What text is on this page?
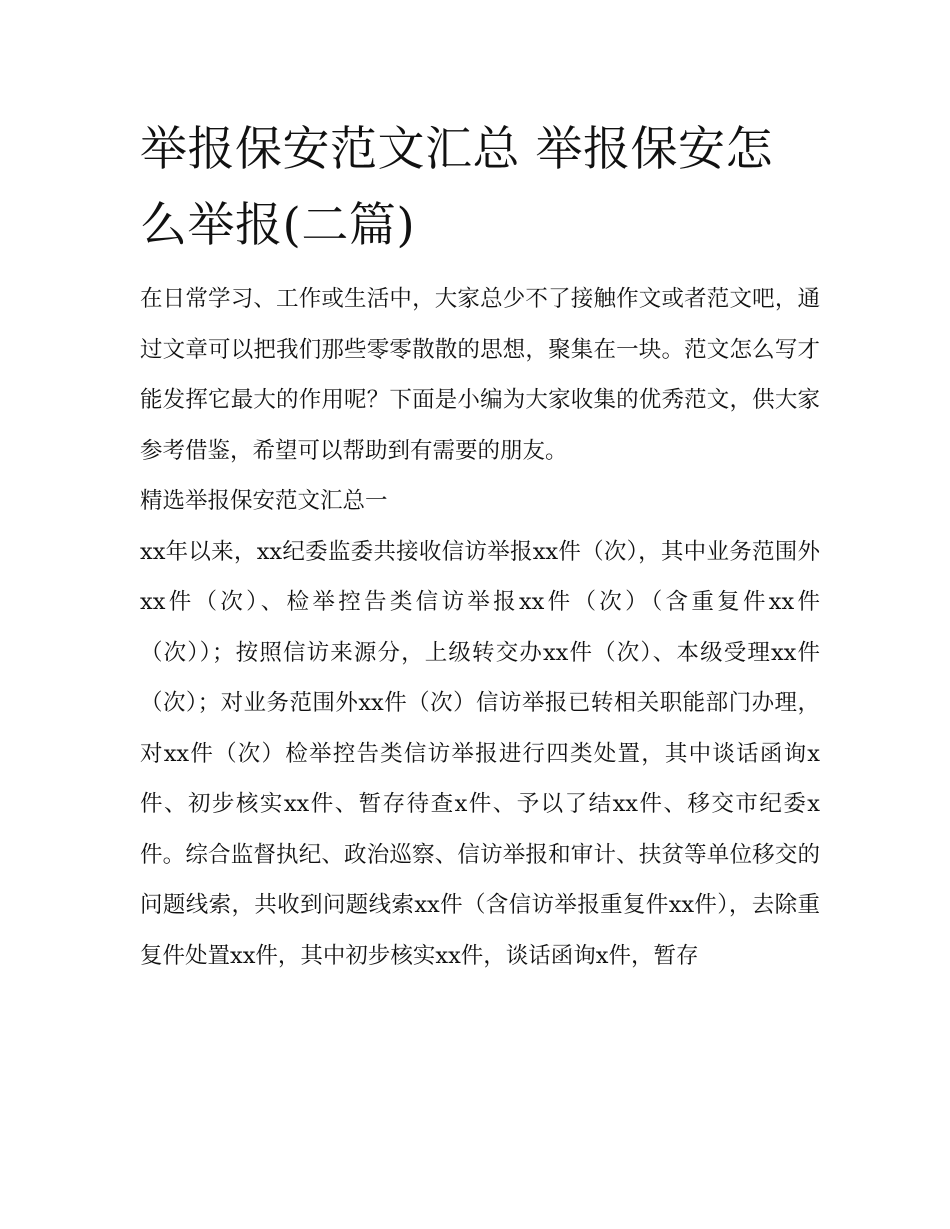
举报保安范文汇总 举报保安怎么举报(二篇)

在日常学习、工作或生活中，大家总少不了接触作文或者范文吧，通过文章可以把我们那些零零散散的思想，聚集在一块。范文怎么写才能发挥它最大的作用呢？下面是小编为大家收集的优秀范文，供大家参考借鉴，希望可以帮助到有需要的朋友。

精选举报保安范文汇总一

xx年以来，xx纪委监委共接收信访举报xx件（次），其中业务范围外xx件（次）、检举控告类信访举报xx件（次）（含重复件xx件（次））；按照信访来源分，上级转交办xx件（次）、本级受理xx件（次）；对业务范围外xx件（次）信访举报已转相关职能部门办理，对xx件（次）检举控告类信访举报进行四类处置，其中谈话函询x件、初步核实xx件、暂存待查x件、予以了结xx件、移交市纪委x件。综合监督执纪、政治巡察、信访举报和审计、扶贫等单位移交的问题线索，共收到问题线索xx件（含信访举报重复件xx件），去除重复件处置xx件，其中初步核实xx件，谈话函询x件，暂存
